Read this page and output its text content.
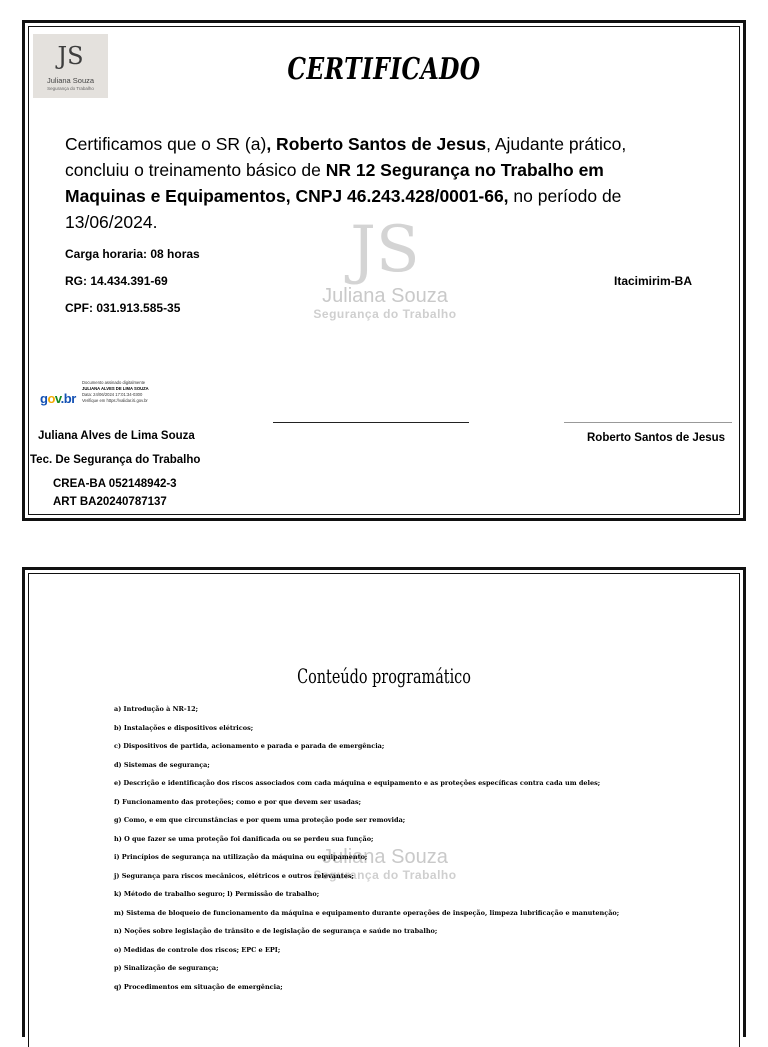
JS
Juliana Souza
Segurança do Trabalho
CERTIFICADO
JS
Juliana Souza
Segurança do Trabalho
Certificamos que o SR (a), Roberto Santos de Jesus, Ajudante prático, concluiu o treinamento básico de NR 12 Segurança no Trabalho em Maquinas e Equipamentos, CNPJ 46.243.428/0001-66, no período de 13/06/2024.
Carga horaria: 08 horas
RG: 14.434.391-69
CPF: 031.913.585-35
Itacimirim-BA
gov.br
Documento assinado digitalmente
JULIANA ALVES DE LIMA SOUZA
Data: 24/06/2024 17:01:34-0300
Verifique em https://validar.iti.gov.br
Juliana Alves de Lima Souza
Tec. De Segurança do Trabalho
CREA-BA 052148942-3
ART BA20240787137
Roberto Santos de Jesus
Juliana Souza
Segurança do Trabalho
Conteúdo programático
a) Introdução à NR-12;
b) Instalações e dispositivos elétricos;
c) Dispositivos de partida, acionamento e parada e parada de emergência;
d) Sistemas de segurança;
e) Descrição e identificação dos riscos associados com cada máquina e equipamento e as proteções específicas contra cada um deles;
f) Funcionamento das proteções; como e por que devem ser usadas;
g) Como, e em que circunstâncias e por quem uma proteção pode ser removida;
h) O que fazer se uma proteção foi danificada ou se perdeu sua função;
i) Princípios de segurança na utilização da máquina ou equipamento;
j) Segurança para riscos mecânicos, elétricos e outros relevantes;
k) Método de trabalho seguro; l) Permissão de trabalho;
m) Sistema de bloqueio de funcionamento da máquina e equipamento durante operações de inspeção, limpeza lubrificação e manutenção;
n) Noções sobre legislação de trânsito e de legislação de segurança e saúde no trabalho;
o) Medidas de controle dos riscos; EPC e EPI;
p) Sinalização de segurança;
q) Procedimentos em situação de emergência;
